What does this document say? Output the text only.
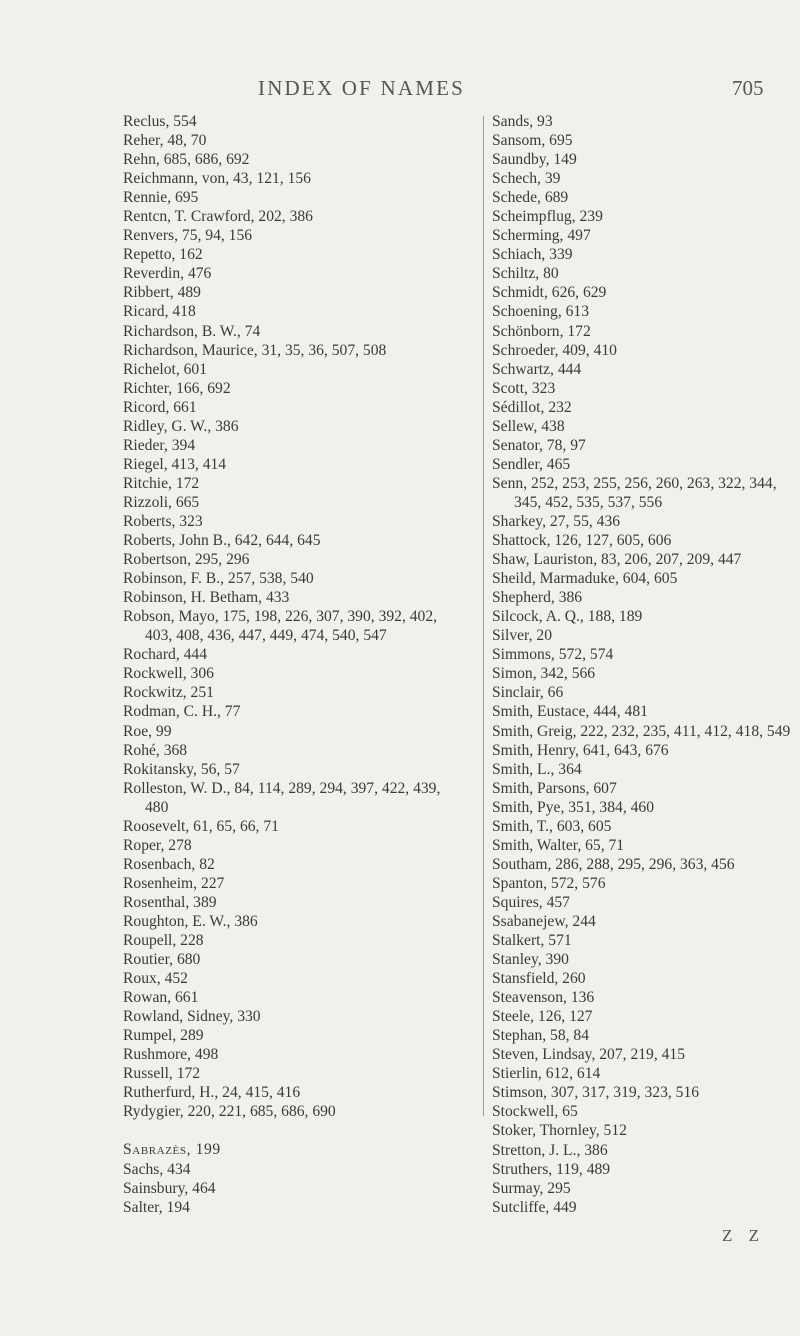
INDEX OF NAMES	705
Reclus, 554
Reher, 48, 70
Rehn, 685, 686, 692
Reichmann, von, 43, 121, 156
Rennie, 695
Rentcn, T. Crawford, 202, 386
Renvers, 75, 94, 156
Repetto, 162
Reverdin, 476
Ribbert, 489
Ricard, 418
Richardson, B. W., 74
Richardson, Maurice, 31, 35, 36, 507, 508
Richelot, 601
Richter, 166, 692
Ricord, 661
Ridley, G. W., 386
Rieder, 394
Riegel, 413, 414
Ritchie, 172
Rizzoli, 665
Roberts, 323
Roberts, John B., 642, 644, 645
Robertson, 295, 296
Robinson, F. B., 257, 538, 540
Robinson, H. Betham, 433
Robson, Mayo, 175, 198, 226, 307, 390, 392, 402, 403, 408, 436, 447, 449, 474, 540, 547
Rochard, 444
Rockwell, 306
Rockwitz, 251
Rodman, C. H., 77
Roe, 99
Rohé, 368
Rokitansky, 56, 57
Rolleston, W. D., 84, 114, 289, 294, 397, 422, 439, 480
Roosevelt, 61, 65, 66, 71
Roper, 278
Rosenbach, 82
Rosenheim, 227
Rosenthal, 389
Roughton, E. W., 386
Roupell, 228
Routier, 680
Roux, 452
Rowan, 661
Rowland, Sidney, 330
Rumpel, 289
Rushmore, 498
Russell, 172
Rutherfurd, H., 24, 415, 416
Rydygier, 220, 221, 685, 686, 690
Sabrazès, 199
Sachs, 434
Sainsbury, 464
Salter, 194
Sands, 93
Sansom, 695
Saundby, 149
Schech, 39
Schede, 689
Scheimpflug, 239
Scherming, 497
Schiach, 339
Schiltz, 80
Schmidt, 626, 629
Schoening, 613
Schönborn, 172
Schroeder, 409, 410
Schwartz, 444
Scott, 323
Sédillot, 232
Sellew, 438
Senator, 78, 97
Sendler, 465
Senn, 252, 253, 255, 256, 260, 263, 322, 344, 345, 452, 535, 537, 556
Sharkey, 27, 55, 436
Shattock, 126, 127, 605, 606
Shaw, Lauriston, 83, 206, 207, 209, 447
Sheild, Marmaduke, 604, 605
Shepherd, 386
Silcock, A. Q., 188, 189
Silver, 20
Simmons, 572, 574
Simon, 342, 566
Sinclair, 66
Smith, Eustace, 444, 481
Smith, Greig, 222, 232, 235, 411, 412, 418, 549
Smith, Henry, 641, 643, 676
Smith, L., 364
Smith, Parsons, 607
Smith, Pye, 351, 384, 460
Smith, T., 603, 605
Smith, Walter, 65, 71
Southam, 286, 288, 295, 296, 363, 456
Spanton, 572, 576
Squires, 457
Ssabanejew, 244
Stalkert, 571
Stanley, 390
Stansfield, 260
Steavenson, 136
Steele, 126, 127
Stephan, 58, 84
Steven, Lindsay, 207, 219, 415
Stierlin, 612, 614
Stimson, 307, 317, 319, 323, 516
Stockwell, 65
Stoker, Thornley, 512
Stretton, J. L., 386
Struthers, 119, 489
Surmay, 295
Sutcliffe, 449
Z Z
